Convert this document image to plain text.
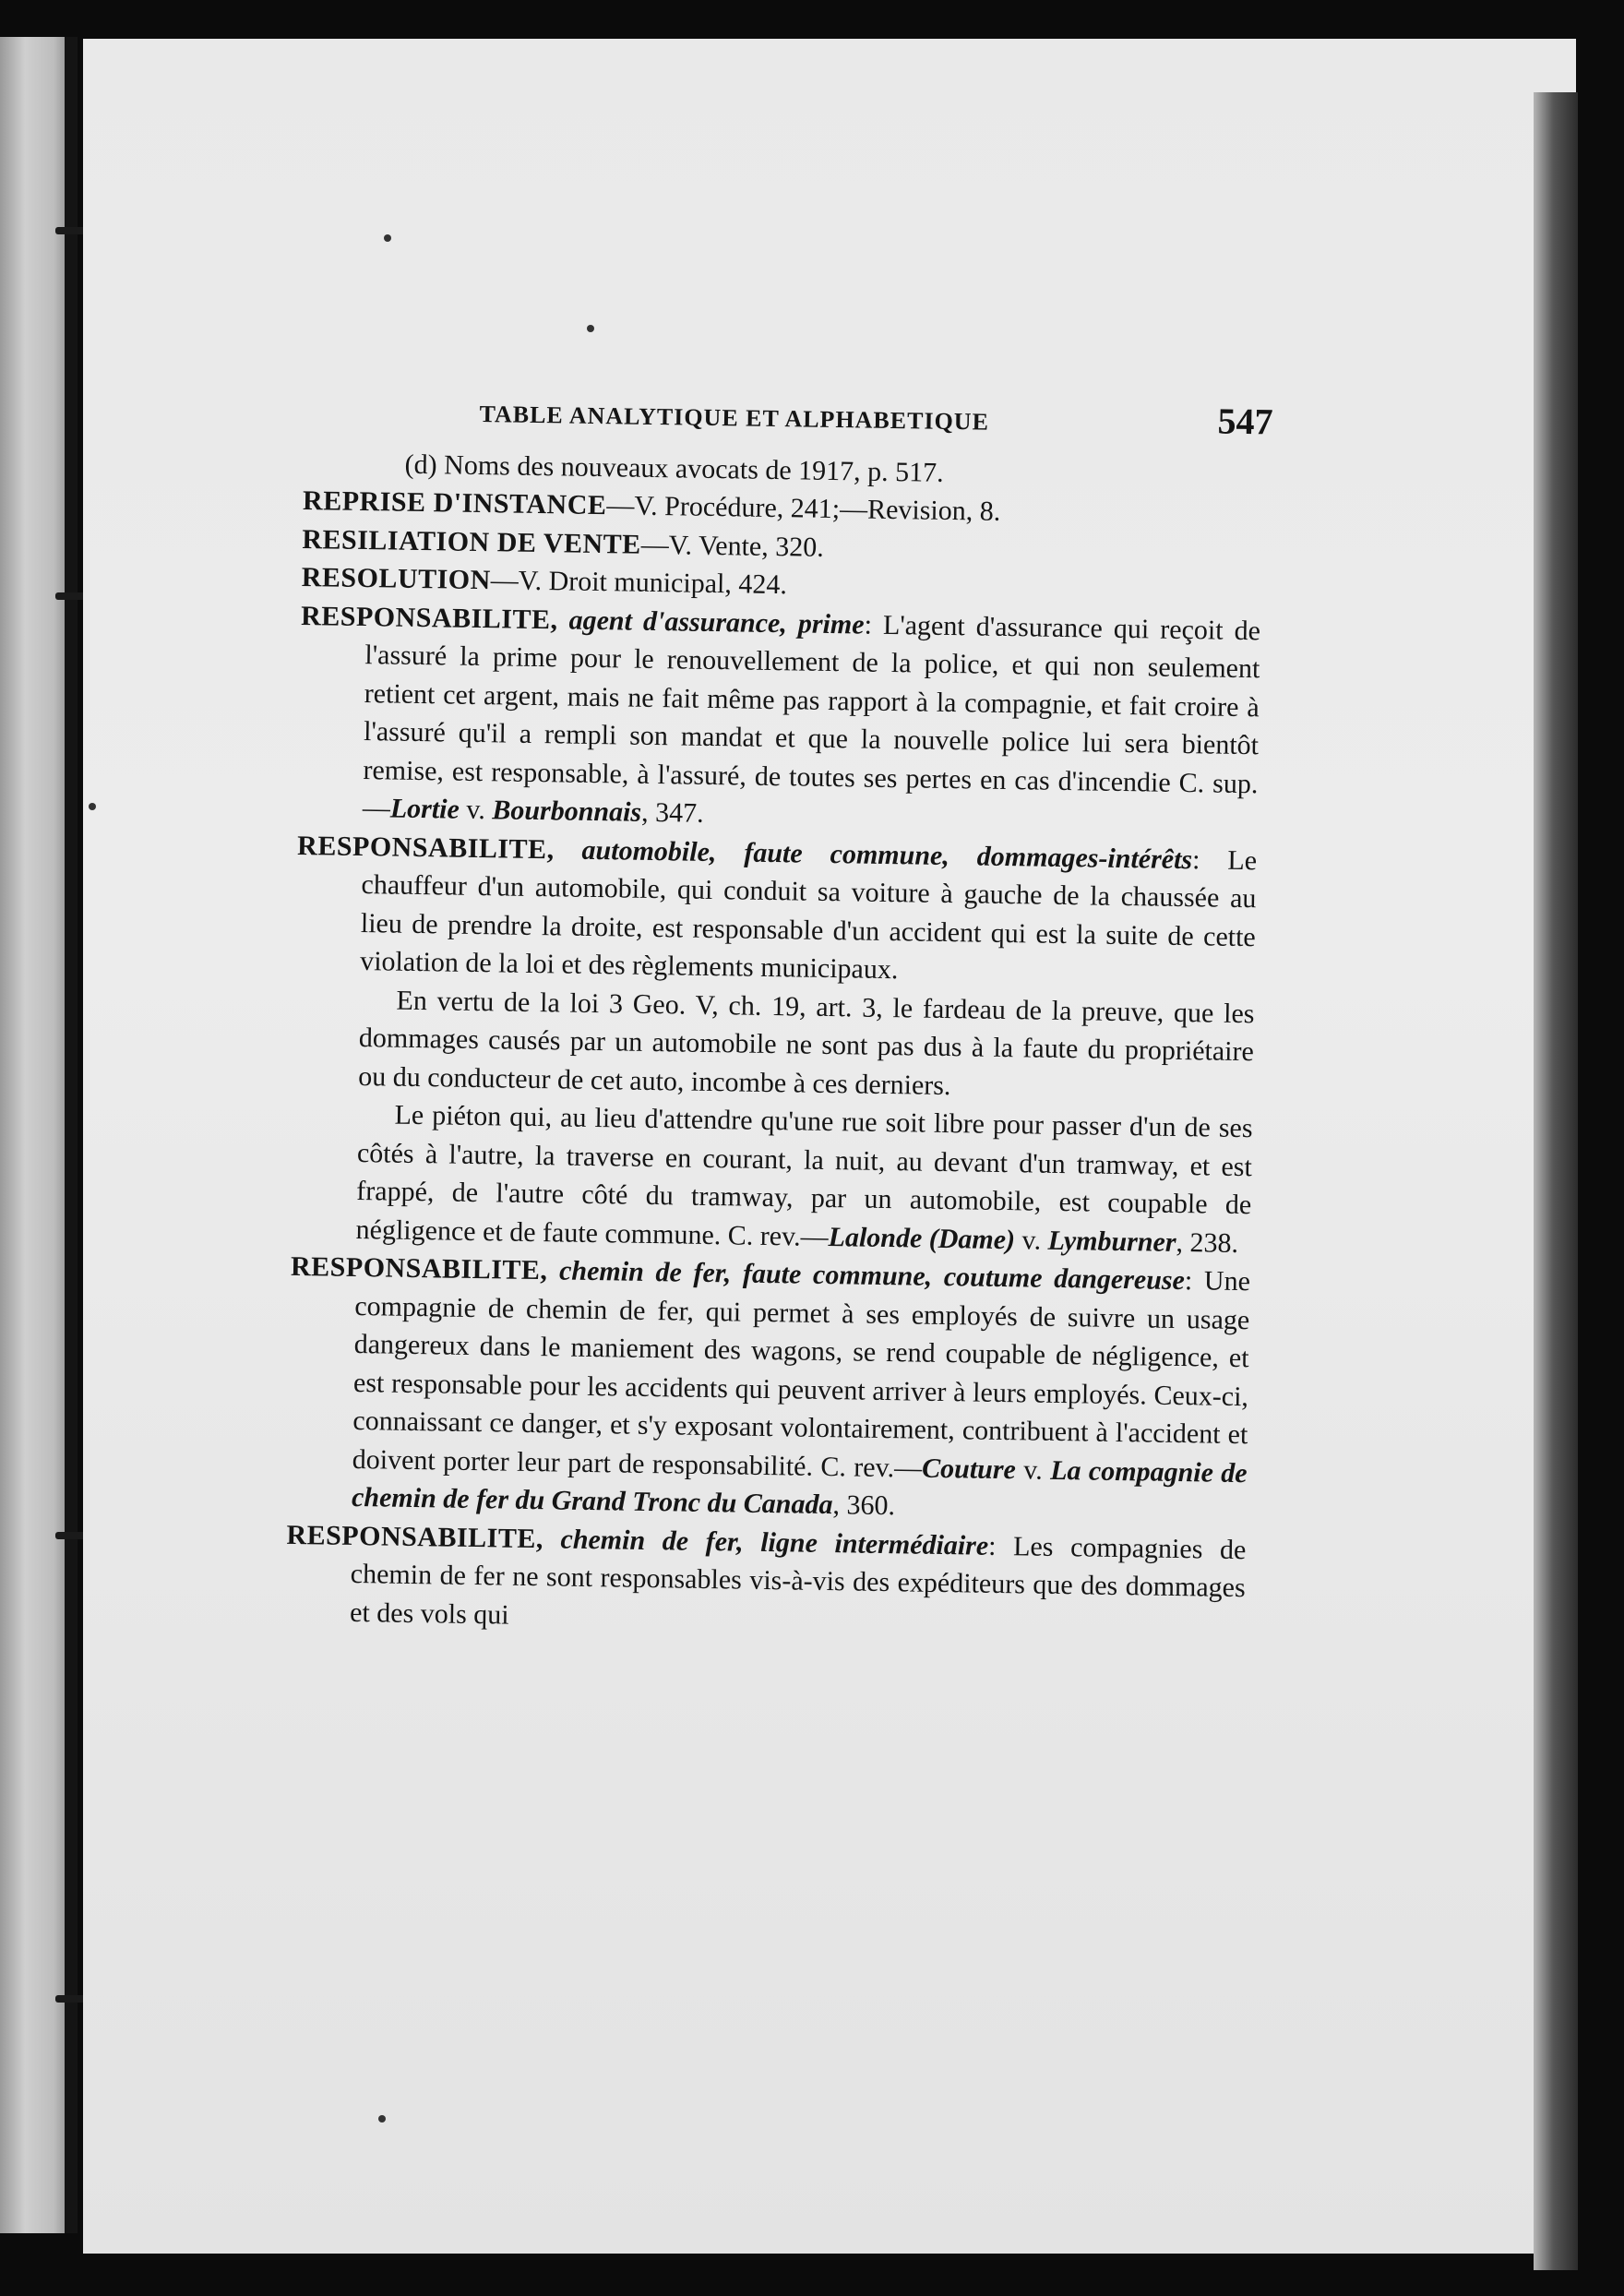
TABLE ANALYTIQUE ET ALPHABETIQUE	547

(d) Noms des nouveaux avocats de 1917, p. 517.

REPRISE D'INSTANCE—V. Procédure, 241;—Revision, 8.

RESILIATION DE VENTE—V. Vente, 320.

RESOLUTION—V. Droit municipal, 424.

RESPONSABILITE, agent d'assurance, prime: L'agent d'assurance qui reçoit de l'assuré la prime pour le renouvellement de la police, et qui non seulement retient cet argent, mais ne fait même pas rapport à la compagnie, et fait croire à l'assuré qu'il a rempli son mandat et que la nouvelle police lui sera bientôt remise, est responsable, à l'assuré, de toutes ses pertes en cas d'incendie C. sup.—Lortie v. Bourbonnais, 347.

RESPONSABILITE, automobile, faute commune, dommages-intérêts: Le chauffeur d'un automobile, qui conduit sa voiture à gauche de la chaussée au lieu de prendre la droite, est responsable d'un accident qui est la suite de cette violation de la loi et des règlements municipaux.

En vertu de la loi 3 Geo. V, ch. 19, art. 3, le fardeau de la preuve, que les dommages causés par un automobile ne sont pas dus à la faute du propriétaire ou du conducteur de cet auto, incombe à ces derniers.

Le piéton qui, au lieu d'attendre qu'une rue soit libre pour passer d'un de ses côtés à l'autre, la traverse en courant, la nuit, au devant d'un tramway, et est frappé, de l'autre côté du tramway, par un automobile, est coupable de négligence et de faute commune. C. rev.—Lalonde (Dame) v. Lymburner, 238.

RESPONSABILITE, chemin de fer, faute commune, coutume dangereuse: Une compagnie de chemin de fer, qui permet à ses employés de suivre un usage dangereux dans le maniement des wagons, se rend coupable de négligence, et est responsable pour les accidents qui peuvent arriver à leurs employés. Ceux-ci, connaissant ce danger, et s'y exposant volontairement, contribuent à l'accident et doivent porter leur part de responsabilité. C. rev.—Couture v. La compagnie de chemin de fer du Grand Tronc du Canada, 360.

RESPONSABILITE, chemin de fer, ligne intermédiaire: Les compagnies de chemin de fer ne sont responsables vis-à-vis des expéditeurs que des dommages et des vols qui
